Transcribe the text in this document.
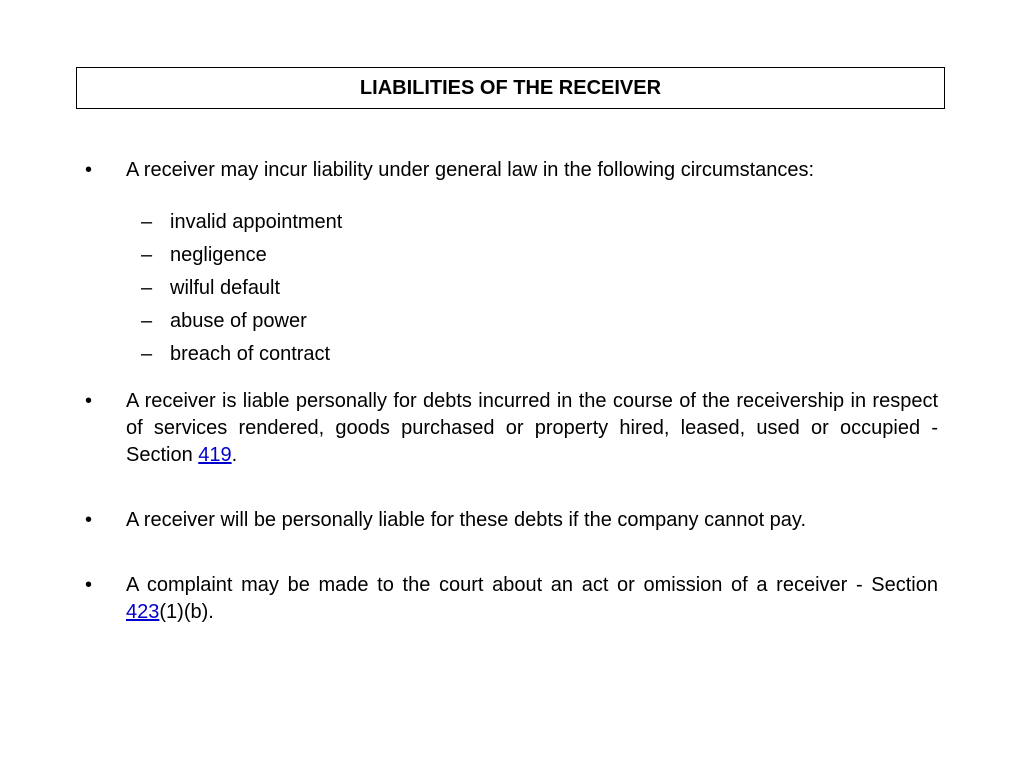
LIABILITIES OF THE RECEIVER
•	A receiver may incur liability under general law in the following circumstances:
– invalid appointment
– negligence
– wilful default
– abuse of power
– breach of contract
•	A receiver is liable personally for debts incurred in the course of the receivership in respect of services rendered, goods purchased or property hired, leased, used or occupied - Section 419.
•	A receiver will be personally liable for these debts if the company cannot pay.
•	A complaint may be made to the court about an act or omission of a receiver - Section 423(1)(b).
